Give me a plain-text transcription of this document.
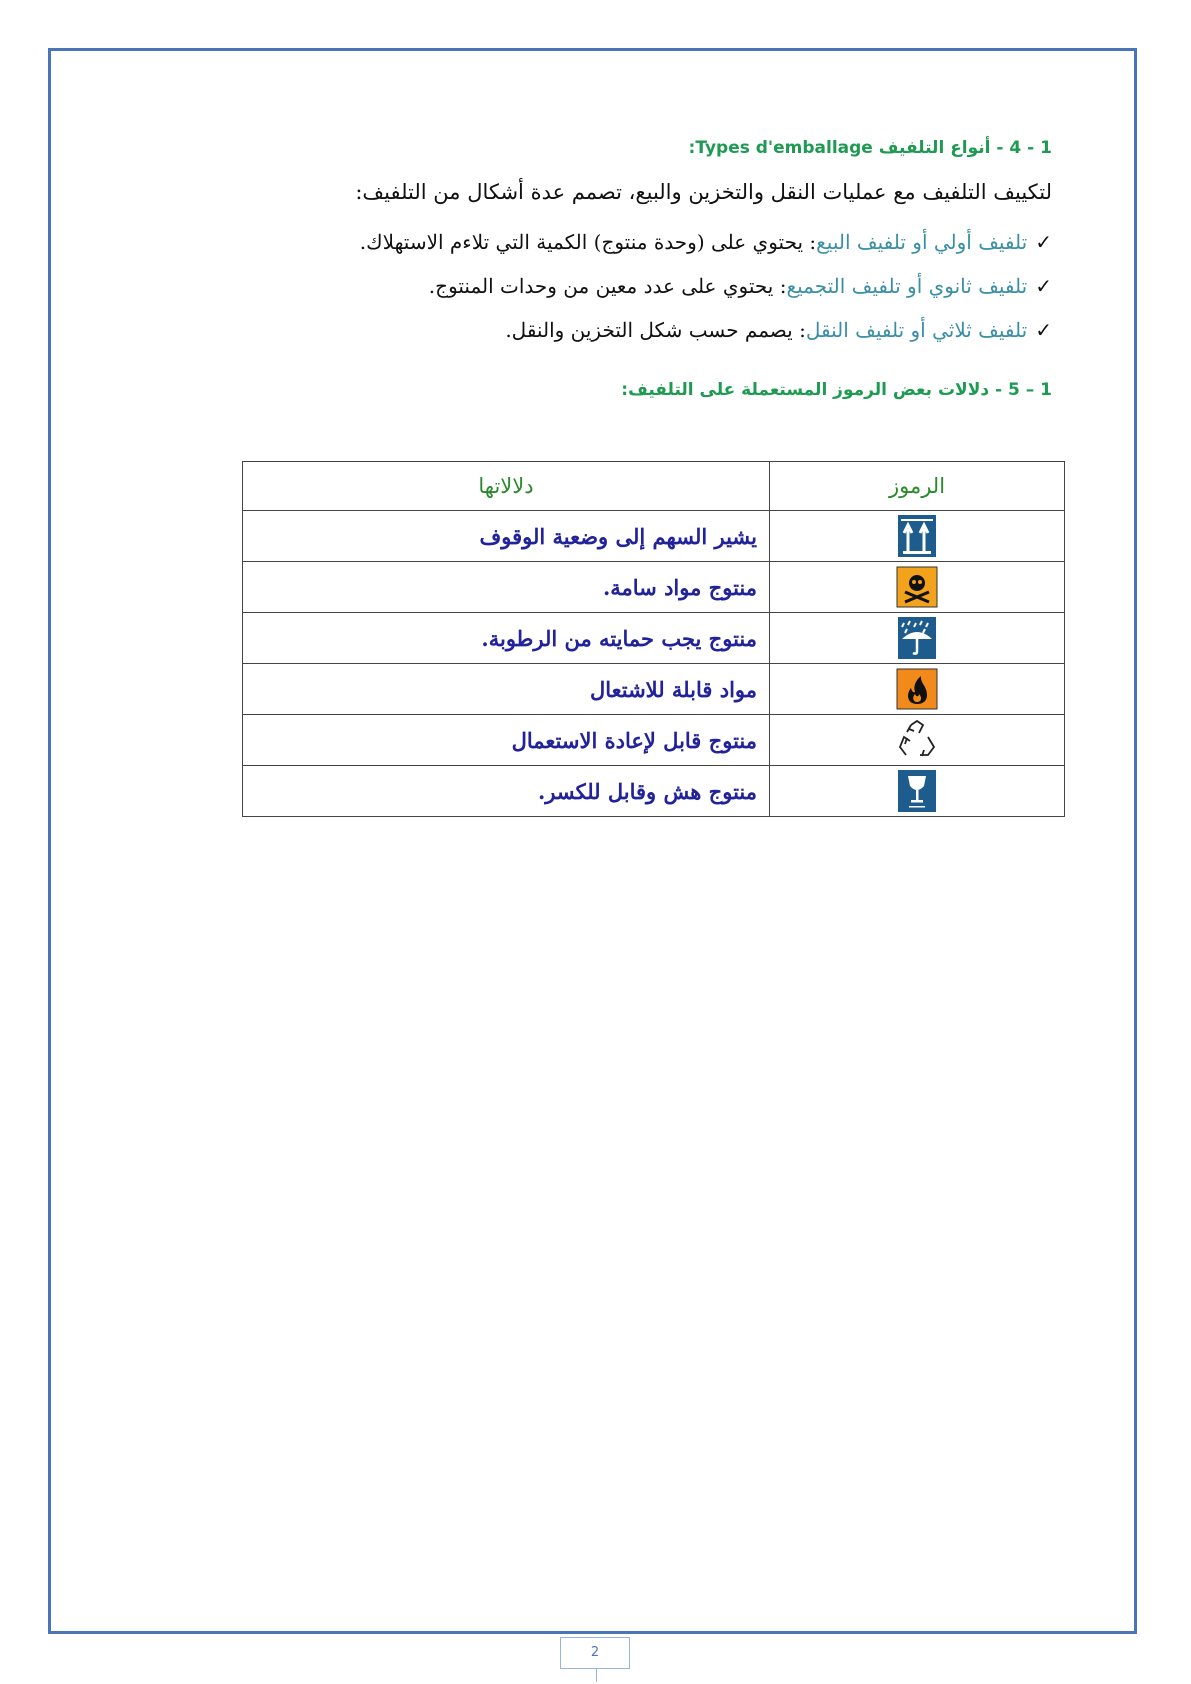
1 - 4 - أنواع التلفيف Types d'emballage:
لتكييف التلفيف مع عمليات النقل والتخزين والبيع، تصمم عدة أشكال من التلفيف:
✓تلفيف أولي أو تلفيف البيع: يحتوي على (وحدة منتوج) الكمية التي تلاءم الاستهلاك.
✓تلفيف ثانوي أو تلفيف التجميع: يحتوي على عدد معين من وحدات المنتوج.
✓تلفيف ثلاثي أو تلفيف النقل: يصمم حسب شكل التخزين والنقل.
1 – 5 - دلالات بعض الرموز المستعملة على التلفيف:
الرموز	دلالاتها
	يشير السهم إلى وضعية الوقوف
	منتوج مواد سامة.
	منتوج يجب حمايته من الرطوبة.
	مواد قابلة للاشتعال
	منتوج قابل لإعادة الاستعمال
	منتوج هش وقابل للكسر.
2
